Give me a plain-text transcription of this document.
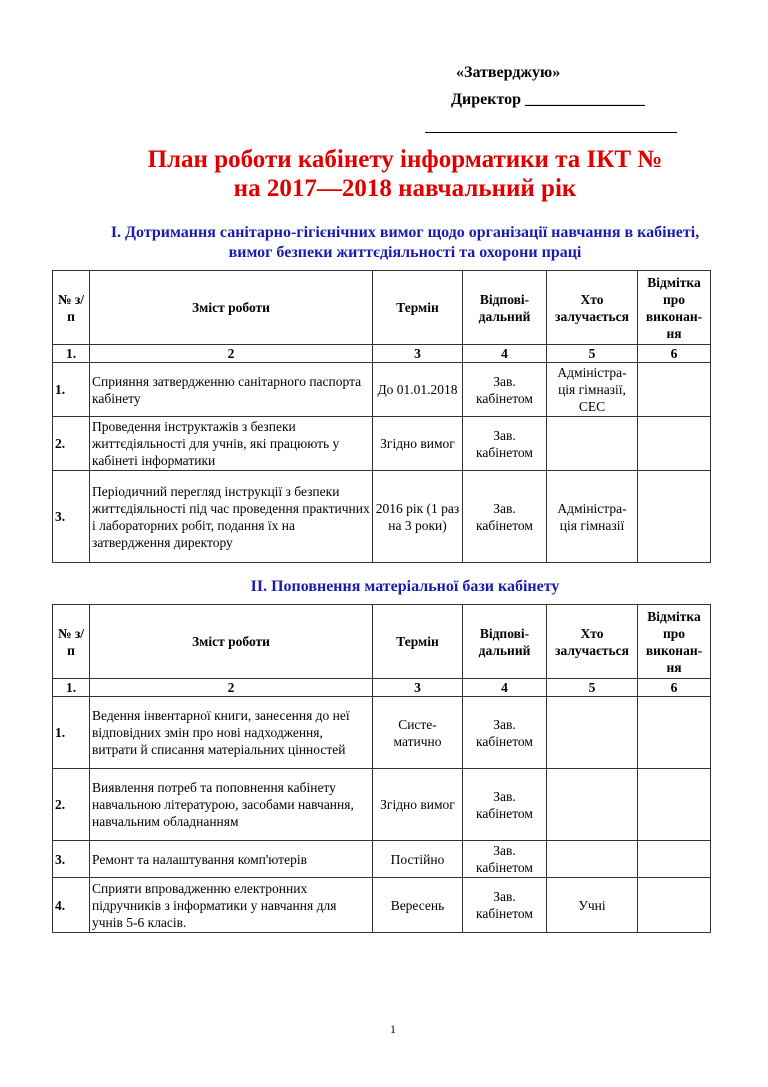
«Затверджую»
Директор _______________
План роботи кабінету інформатики та ІКТ №
на 2017—2018 навчальний рік
І. Дотримання санітарно-гігієнічних вимог щодо організації навчання в кабінеті,
вимог безпеки життєдіяльності та охорони праці
№ з/п	Зміст роботи	Термін	Відпові-дальний	Хто залучається	Відмітка про виконан-ня
1.	2	3	4	5	6
1.	Сприяння затвердженню санітарного паспорта кабінету	До 01.01.2018	Зав. кабінетом	Адміністра-ція гімназії, СЕС	
2.	Проведення інструктажів з безпеки життєдіяльності для учнів, які працюють у кабінеті інформатики	Згідно вимог	Зав. кабінетом		
3.	Періодичний перегляд інструкції з безпеки життєдіяльності під час проведення практичних і лабораторних робіт, подання їх на затвердження директору	2016 рік (1 раз на 3 роки)	Зав. кабінетом	Адміністра-ція гімназії	
ІІ. Поповнення матеріальної бази кабінету
№ з/п	Зміст роботи	Термін	Відпові-дальний	Хто залучається	Відмітка про виконан-ня
1.	2	3	4	5	6
1.	Ведення інвентарної книги, занесення до неї відповідних змін про нові надходження, витрати й списання матеріальних цінностей	Систе-матично	Зав. кабінетом		
2.	Виявлення потреб та поповнення кабінету навчальною літературою, засобами навчання, навчальним обладнанням	Згідно вимог	Зав. кабінетом		
3.	Ремонт та налаштування комп'ютерів	Постійно	Зав. кабінетом		
4.	Сприяти впровадженню електронних підручників з інформатики у навчання для учнів 5-6 класів.	Вересень	Зав. кабінетом	Учні	
1
